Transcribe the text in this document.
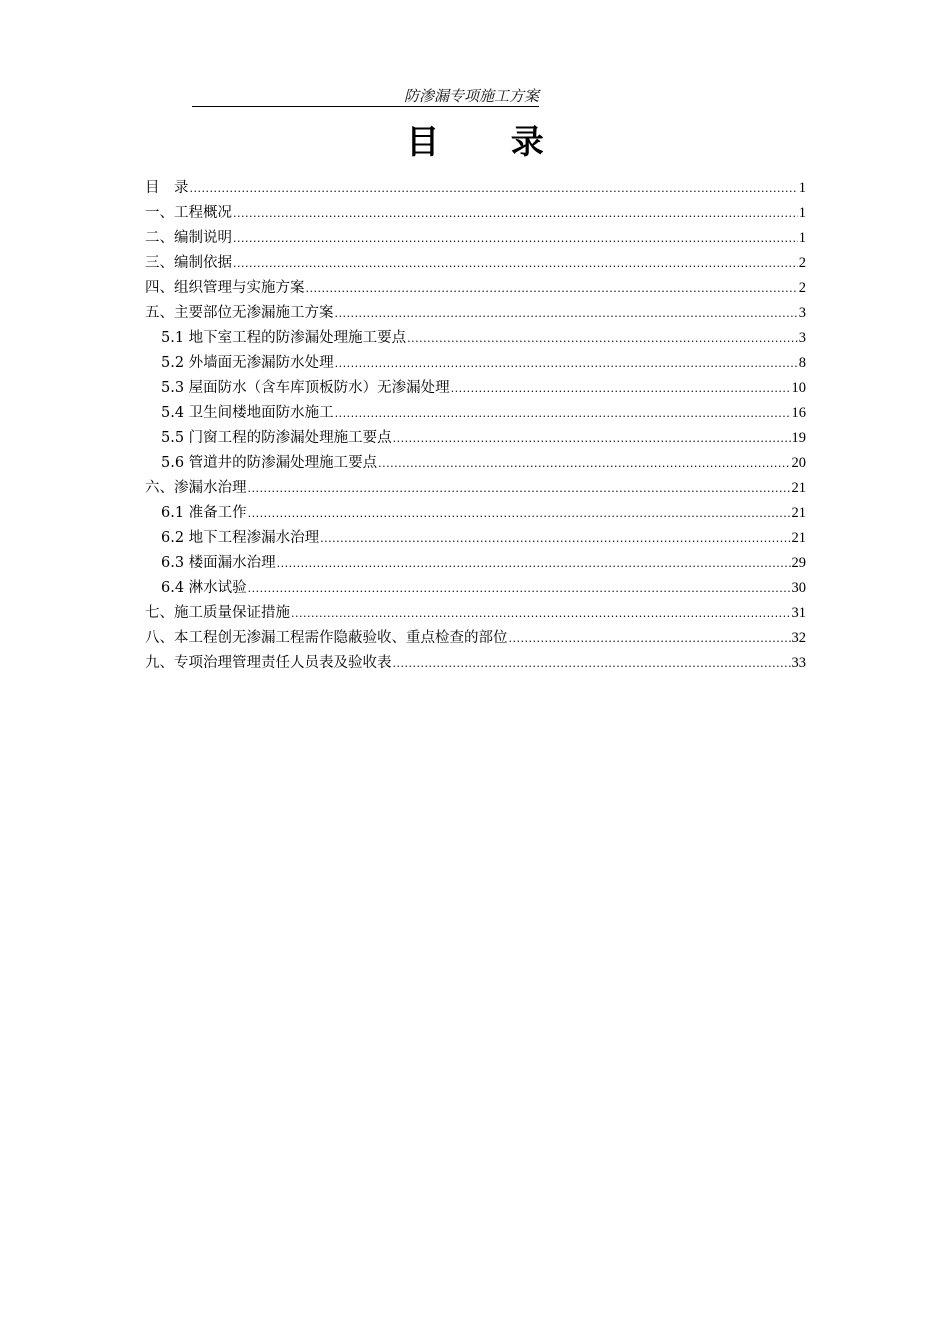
防渗漏专项施工方案
目 录
目　录 .....	1
一、工程概况 .....	1
二、编制说明 .....	1
三、编制依据 .....	2
四、组织管理与实施方案 .....	2
五、主要部位无渗漏施工方案 .....	3
5.1 地下室工程的防渗漏处理施工要点 .....	3
5.2 外墙面无渗漏防水处理 .....	8
5.3 屋面防水（含车库顶板防水）无渗漏处理 .....	10
5.4 卫生间楼地面防水施工 .....	16
5.5 门窗工程的防渗漏处理施工要点 .....	19
5.6 管道井的防渗漏处理施工要点 .....	20
六、渗漏水治理 .....	21
6.1 准备工作 .....	21
6.2 地下工程渗漏水治理 .....	21
6.3 楼面漏水治理 .....	29
6.4 淋水试验 .....	30
七、施工质量保证措施 .....	31
八、本工程创无渗漏工程需作隐蔽验收、重点检查的部位 .....	32
九、专项治理管理责任人员表及验收表 .....	33
